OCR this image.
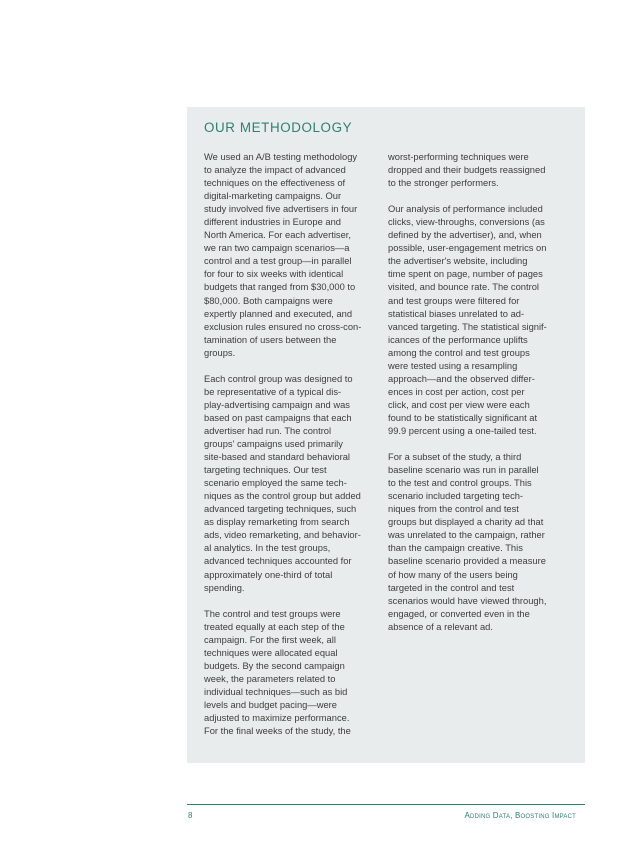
OUR METHODOLOGY
We used an A/B testing methodology
to analyze the impact of advanced
techniques on the effectiveness of
digital-marketing campaigns. Our
study involved five advertisers in four
different industries in Europe and
North America. For each advertiser,
we ran two campaign scenarios—a
control and a test group—in parallel
for four to six weeks with identical
budgets that ranged from $30,000 to
$80,000. Both campaigns were
expertly planned and executed, and
exclusion rules ensured no cross-con-
tamination of users between the
groups.
Each control group was designed to
be representative of a typical dis-
play-advertising campaign and was
based on past campaigns that each
advertiser had run. The control
groups' campaigns used primarily
site-based and standard behavioral
targeting techniques. Our test
scenario employed the same tech-
niques as the control group but added
advanced targeting techniques, such
as display remarketing from search
ads, video remarketing, and behavior-
al analytics. In the test groups,
advanced techniques accounted for
approximately one-third of total
spending.
The control and test groups were
treated equally at each step of the
campaign. For the first week, all
techniques were allocated equal
budgets. By the second campaign
week, the parameters related to
individual techniques—such as bid
levels and budget pacing—were
adjusted to maximize performance.
For the final weeks of the study, the
worst-performing techniques were
dropped and their budgets reassigned
to the stronger performers.
Our analysis of performance included
clicks, view-throughs, conversions (as
defined by the advertiser), and, when
possible, user-engagement metrics on
the advertiser's website, including
time spent on page, number of pages
visited, and bounce rate. The control
and test groups were filtered for
statistical biases unrelated to ad-
vanced targeting. The statistical signif-
icances of the performance uplifts
among the control and test groups
were tested using a resampling
approach—and the observed differ-
ences in cost per action, cost per
click, and cost per view were each
found to be statistically significant at
99.9 percent using a one-tailed test.
For a subset of the study, a third
baseline scenario was run in parallel
to the test and control groups. This
scenario included targeting tech-
niques from the control and test
groups but displayed a charity ad that
was unrelated to the campaign, rather
than the campaign creative. This
baseline scenario provided a measure
of how many of the users being
targeted in the control and test
scenarios would have viewed through,
engaged, or converted even in the
absence of a relevant ad.
8	Adding Data, Boosting Impact
